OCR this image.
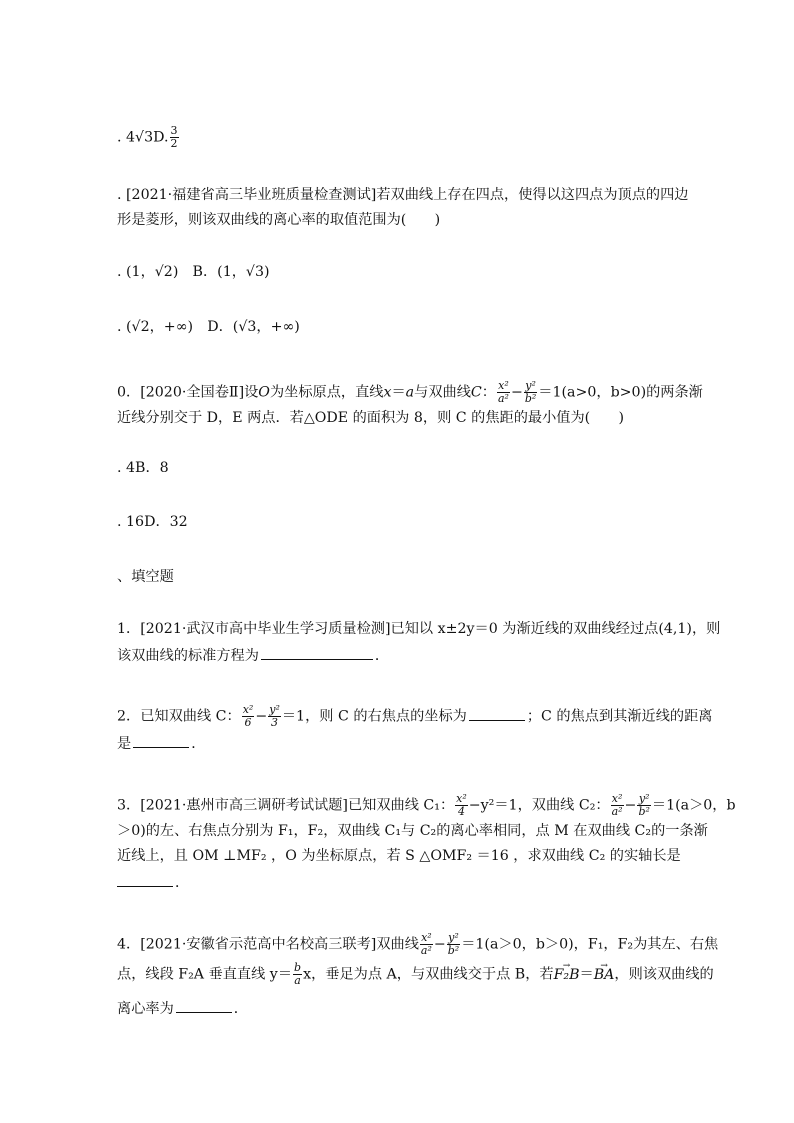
. 4√3D. $\frac{3}{2}$
. [2021·福建省高三毕业班质量检查测试]若双曲线上存在四点，使得以这四点为顶点的四边
形是菱形，则该双曲线的离心率的取值范围为(　　)
. (1，√2)　B．(1，√3)
. (√2，+∞)　D．(√3，+∞)
0．[2020·全国卷Ⅱ]设O为坐标原点，直线x＝a与双曲线C： $\frac{\text{x²}}{\text{a²}} - \frac{\text{y²}}{\text{b²}} =1(a>0$，b>0)的两条渐
近线分别交于 D，E 两点．若△ODE 的面积为 8，则 C 的焦距的最小值为(　　)
. 4B．8
. 16D．32
、填空题
1．[2021·武汉市高中毕业生学习质量检测]已知以 x±2y＝0 为渐近线的双曲线经过点(4,1)，则
该双曲线的标准方程为	．
2．已知双曲线 C： $\frac{\text{x²}}{6} - \frac{\text{y²}}{3} =1$，则 C 的右焦点的坐标为	；C 的焦点到其渐近线的距离
是	．
3．[2021·惠州市高三调研考试试题]已知双曲线 C₁： $\frac{\text{x²}}{4} -y^2=1$，双曲线 C₂： $\frac{\text{x²}}{\text{a²}} - \frac{\text{y²}}{\text{b²}} =1(a>0$，b
＞0)的左、右焦点分别为 F₁，F₂，双曲线 C₁与 C₂的离心率相同，点 M 在双曲线 C₂的一条渐
近线上，且 OM ⊥MF₂ ，O 为坐标原点，若 S △OMF₂ ＝16 ，求双曲线 C₂ 的实轴长是
．
4．[2021·安徽省示范高中名校高三联考]双曲线 $\frac{\text{x²}}{\text{a²}} - \frac{\text{y²}}{\text{b²}} =1(a>0$，b＞0)，F₁，F₂为其左、右焦
点，线段 F₂A 垂直直线 $y= \frac{b}{a}$ x，垂足为点 A，与双曲线交于点 B，若→ F₂B＝→ BA，则该双曲线的
离心率为	．
